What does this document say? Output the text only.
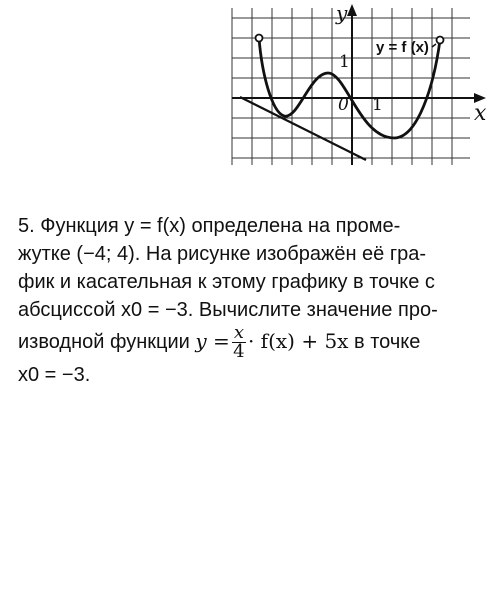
y
x
0 1
1
y = f (x)
5. Функция y = f(x) определена на проме-
жутке (−4; 4). На рисунке изображён её гра-
фик и касательная к этому графику в точке с
абсциссой x0 = −3. Вычислите значение про-
изводной функции $y = \frac{x}{4} \cdot f(x) + 5x$ в точке
x0 = −3.
